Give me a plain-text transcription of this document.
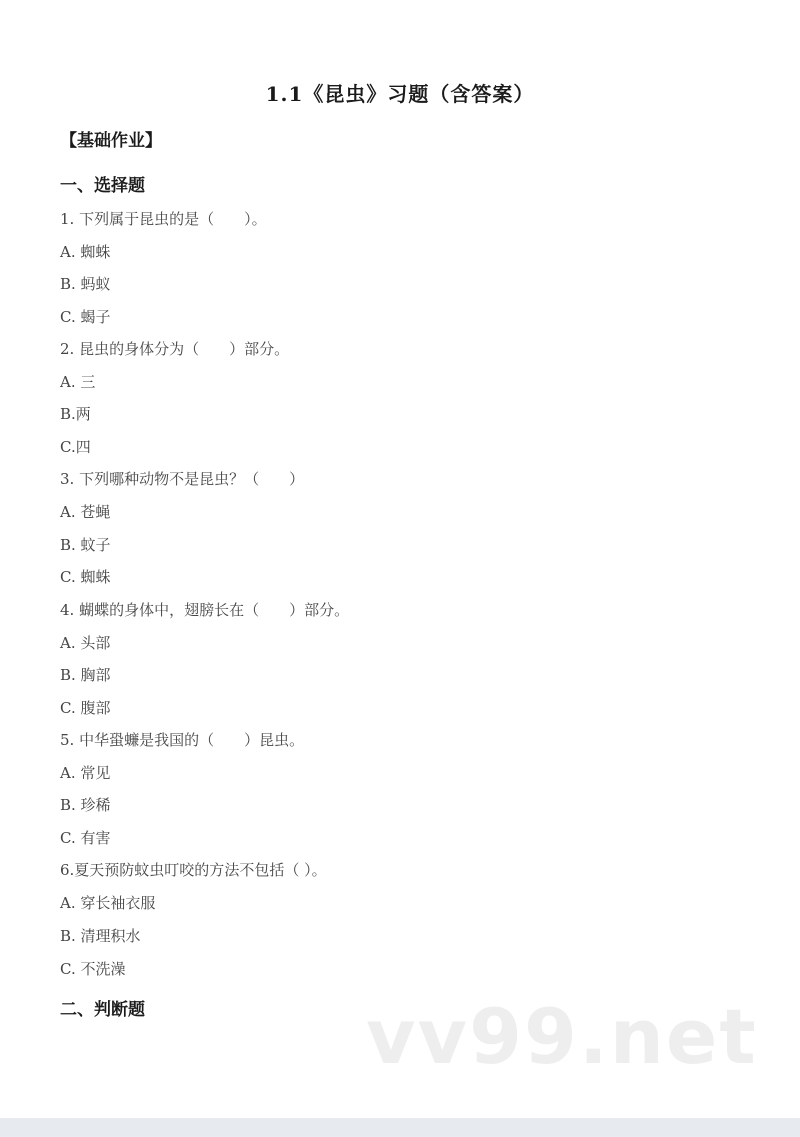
1.1《昆虫》习题（含答案）
【基础作业】
一、选择题
1. 下列属于昆虫的是（　　）。
A. 蜘蛛
B. 蚂蚁
C. 蝎子
2. 昆虫的身体分为（　　）部分。
A. 三
B.两
C.四
3. 下列哪种动物不是昆虫？（　　）
A. 苍蝇
B. 蚊子
C. 蜘蛛
4. 蝴蝶的身体中，翅膀长在（　　）部分。
A. 头部
B. 胸部
C. 腹部
5. 中华蛩蠊是我国的（　　）昆虫。
A. 常见
B. 珍稀
C. 有害
6.夏天预防蚊虫叮咬的方法不包括（ ）。
A. 穿长袖衣服
B. 清理积水
C. 不洗澡
二、判断题	vv99.net
